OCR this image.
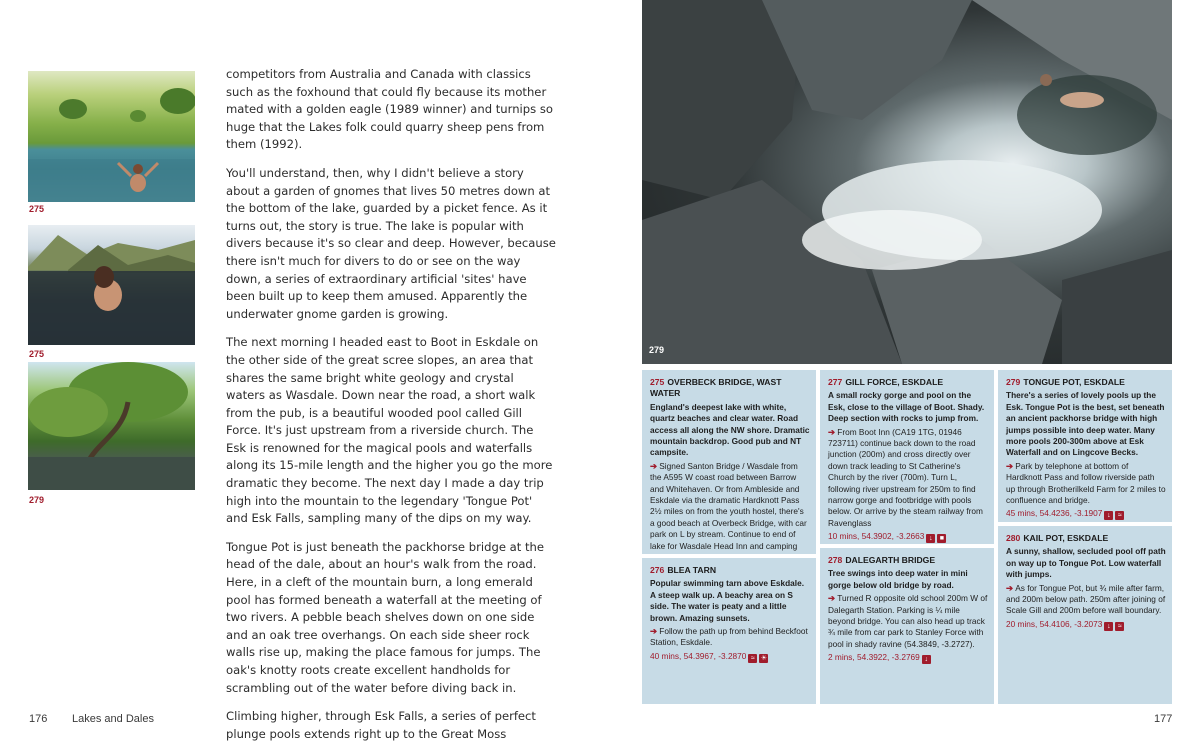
275
275
279

competitors from Australia and Canada with classics such as the foxhound that could fly because its mother mated with a golden eagle (1989 winner) and turnips so huge that the Lakes folk could quarry sheep pens from them (1992).

You'll understand, then, why I didn't believe a story about a garden of gnomes that lives 50 metres down at the bottom of the lake, guarded by a picket fence. As it turns out, the story is true. The lake is popular with divers because it's so clear and deep. However, because there isn't much for divers to do or see on the way down, a series of extraordinary artificial 'sites' have been built up to keep them amused. Apparently the underwater gnome garden is growing.

The next morning I headed east to Boot in Eskdale on the other side of the great scree slopes, an area that shares the same bright white geology and crystal waters as Wasdale. Down near the road, a short walk from the pub, is a beautiful wooded pool called Gill Force. It's just upstream from a riverside church. The Esk is renowned for the magical pools and waterfalls along its 15-mile length and the higher you go the more dramatic they become. The next day I made a day trip high into the mountain to the legendary 'Tongue Pot' and Esk Falls, sampling many of the dips on my way.

Tongue Pot is just beneath the packhorse bridge at the head of the dale, about an hour's walk from the road. Here, in a cleft of the mountain burn, a long emerald pool has formed beneath a waterfall at the meeting of two rivers. A pebble beach shelves down on one side and an oak tree overhangs. On each side sheer rock walls rise up, making the place famous for jumps. The oak's knotty roots create excellent handholds for scrambling out of the water before diving back in.

Climbing higher, through Esk Falls, a series of perfect plunge pools extends right up to the Great Moss

176 Lakes and Dales
279
275 OVERBECK BRIDGE, WAST WATER
England's deepest lake with white, quartz beaches and clear water. Road access all along the NW shore. Dramatic mountain backdrop. Good pub and NT campsite.
➔ Signed Santon Bridge / Wasdale from the A595 W coast road between Barrow and Whitehaven. Or from Ambleside and Eskdale via the dramatic Hardknott Pass 2½ miles on from the youth hostel, there's a good beach at Overbeck Bridge, with car park on L by stream. Continue to end of lake for Wasdale Head Inn and camping
276 BLEA TARN
Popular swimming tarn above Eskdale. A steep walk up. A beachy area on S side. The water is peaty and a little brown. Amazing sunsets.
➔ Follow the path up from behind Beckfoot Station, Eskdale.
40 mins, 54.3967, -3.2870 ≈ ☀
277 GILL FORCE, ESKDALE
A small rocky gorge and pool on the Esk, close to the village of Boot. Shady. Deep section with rocks to jump from.
➔ From Boot Inn (CA19 1TG, 01946 723711) continue back down to the road junction (200m) and cross directly over down track leading to St Catherine's Church by the river (700m). Turn L, following river upstream for 250m to find narrow gorge and footbridge with pools below. Or arrive by the steam railway from Ravenglass
10 mins, 54.3902, -3.2663 ↓ ■
278 DALEGARTH BRIDGE
Tree swings into deep water in mini gorge below old bridge by road.
➔ Turned R opposite old school 200m W of Dalegarth Station. Parking is ¼ mile beyond bridge. You can also head up track ¾ mile from car park to Stanley Force with pool in shady ravine (54.3849, -3.2727).
2 mins, 54.3922, -3.2769 ↓
279 TONGUE POT, ESKDALE
There's a series of lovely pools up the Esk. Tongue Pot is the best, set beneath an ancient packhorse bridge with high jumps possible into deep water. Many more pools 200-300m above at Esk Waterfall and on Lingcove Becks.
➔ Park by telephone at bottom of Hardknott Pass and follow riverside path up through Brotherilkeld Farm for 2 miles to confluence and bridge.
45 mins, 54.4236, -3.1907 ↓ ≈
280 KAIL POT, ESKDALE
A sunny, shallow, secluded pool off path on way up to Tongue Pot. Low waterfall with jumps.
➔ As for Tongue Pot, but ¾ mile after farm, and 200m below path. 250m after joining of Scale Gill and 200m before wall boundary.
20 mins, 54.4106, -3.2073 ↓ ≈
177
